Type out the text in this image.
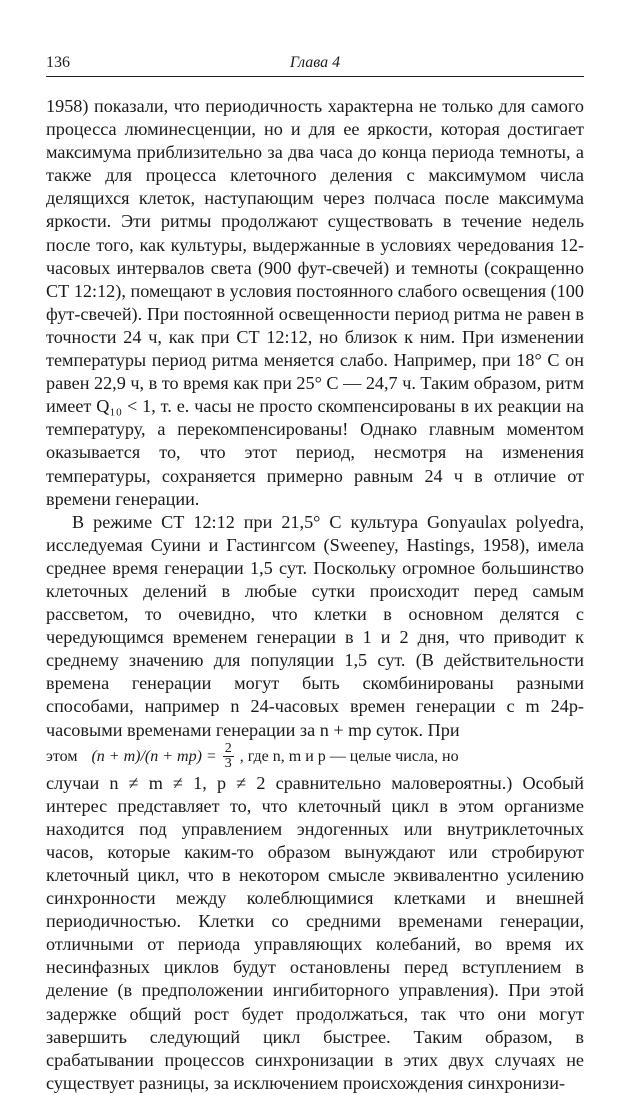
136	Глава 4

1958) показали, что периодичность характерна не только для самого процесса люминесценции, но и для ее яркости, которая достигает максимума приблизительно за два часа до конца периода темноты, а также для процесса клеточного деления с максимумом числа делящихся клеток, наступающим через полчаса после максимума яркости. Эти ритмы продолжают существовать в течение недель после того, как культуры, выдержанные в условиях чередования 12-часовых интервалов света (900 фут-свечей) и темноты (сокращенно СТ 12:12), помещают в условия постоянного слабого освещения (100 фут-свечей). При постоянной освещенности период ритма не равен в точности 24 ч, как при СТ 12:12, но близок к ним. При изменении температуры период ритма меняется слабо. Например, при 18° C он равен 22,9 ч, в то время как при 25° C — 24,7 ч. Таким образом, ритм имеет Q₁₀ < 1, т. е. часы не просто скомпенсированы в их реакции на температуру, а перекомпенсированы! Однако главным моментом оказывается то, что этот период, несмотря на изменения температуры, сохраняется примерно равным 24 ч в отличие от времени генерации.

В режиме СТ 12:12 при 21,5° C культура Gonyaulax polyedra, исследуемая Суини и Гастингсом (Sweeney, Hastings, 1958), имела среднее время генерации 1,5 сут. Поскольку огромное большинство клеточных делений в любые сутки происходит перед самым рассветом, то очевидно, что клетки в основном делятся с чередующимся временем генерации в 1 и 2 дня, что приводит к среднему значению для популяции 1,5 сут. (В действительности времена генерации могут быть скомбинированы разными способами, например n 24-часовых времен генерации с m 24p-часовыми временами генерации за n + mp суток. При

этом $(n + m)/(n + mp) = \frac{2}{3}$ , где n, m и p — целые числа, но

случаи n ≠ m ≠ 1, p ≠ 2 сравнительно маловероятны.) Особый интерес представляет то, что клеточный цикл в этом организме находится под управлением эндогенных или внутриклеточных часов, которые каким-то образом вынуждают или стробируют клеточный цикл, что в некотором смысле эквивалентно усилению синхронности между колеблющимися клетками и внешней периодичностью. Клетки со средними временами генерации, отличными от периода управляющих колебаний, во время их несинфазных циклов будут остановлены перед вступлением в деление (в предположении ингибиторного управления). При этой задержке общий рост будет продолжаться, так что они могут завершить следующий цикл быстрее. Таким образом, в срабатывании процессов синхронизации в этих двух случаях не существует разницы, за исключением происхождения синхронизи-
